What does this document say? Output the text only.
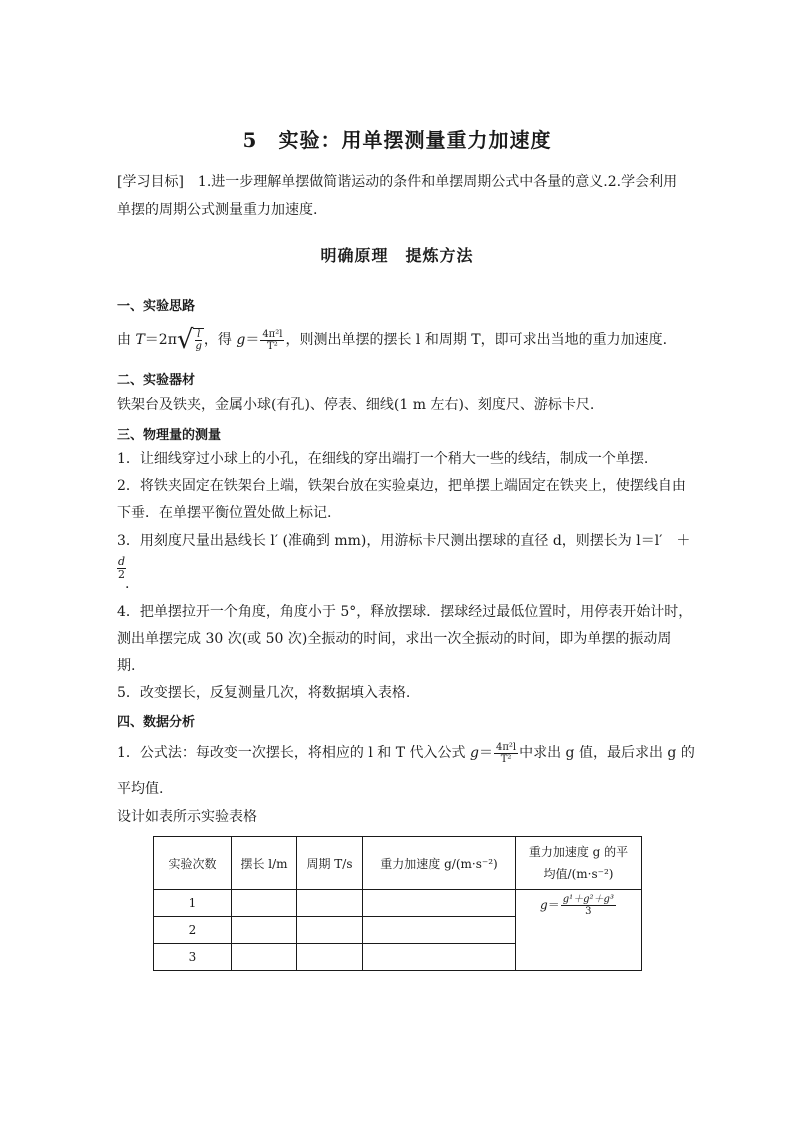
5　实验：用单摆测量重力加速度
[学习目标]　1.进一步理解单摆做简谐运动的条件和单摆周期公式中各量的意义.2.学会利用
单摆的周期公式测量重力加速度.
明确原理　提炼方法
一、实验思路
由 $T=2\pi√ \frac{l}{g}$ ，得 $g= \frac{\text{4π²l}}{\text{T²}}$ ，则测出单摆的摆长 l 和周期 T，即可求出当地的重力加速度.
二、实验器材
铁架台及铁夹，金属小球(有孔)、停表、细线(1 m 左右)、刻度尺、游标卡尺.
三、物理量的测量
1．让细线穿过小球上的小孔，在细线的穿出端打一个稍大一些的线结，制成一个单摆.
2．将铁夹固定在铁架台上端，铁架台放在实验桌边，把单摆上端固定在铁夹上，使摆线自由
下垂．在单摆平衡位置处做上标记.
3．用刻度尺量出悬线长 l′ (准确到 mm)，用游标卡尺测出摆球的直径 d，则摆长为 l＝l′　＋
$\frac{d}{2}$
.
4．把单摆拉开一个角度，角度小于 5°，释放摆球．摆球经过最低位置时，用停表开始计时，
测出单摆完成 30 次(或 50 次)全振动的时间，求出一次全振动的时间，即为单摆的振动周
期.
5．改变摆长，反复测量几次，将数据填入表格.
四、数据分析
1．公式法：每改变一次摆长，将相应的 l 和 T 代入公式 $g= \frac{\text{4π²l}}{\text{T²}}$ 中求出 g 值，最后求出 g 的
平均值.
设计如表所示实验表格
实验次数	摆长 l/m	周期 T/s	重力加速度 g/(m·s⁻²)	重力加速度 g 的平
均值/(m·s⁻²)

1				$g= \frac{\text{g¹＋g²＋g³}}{3}$

2				
3				
